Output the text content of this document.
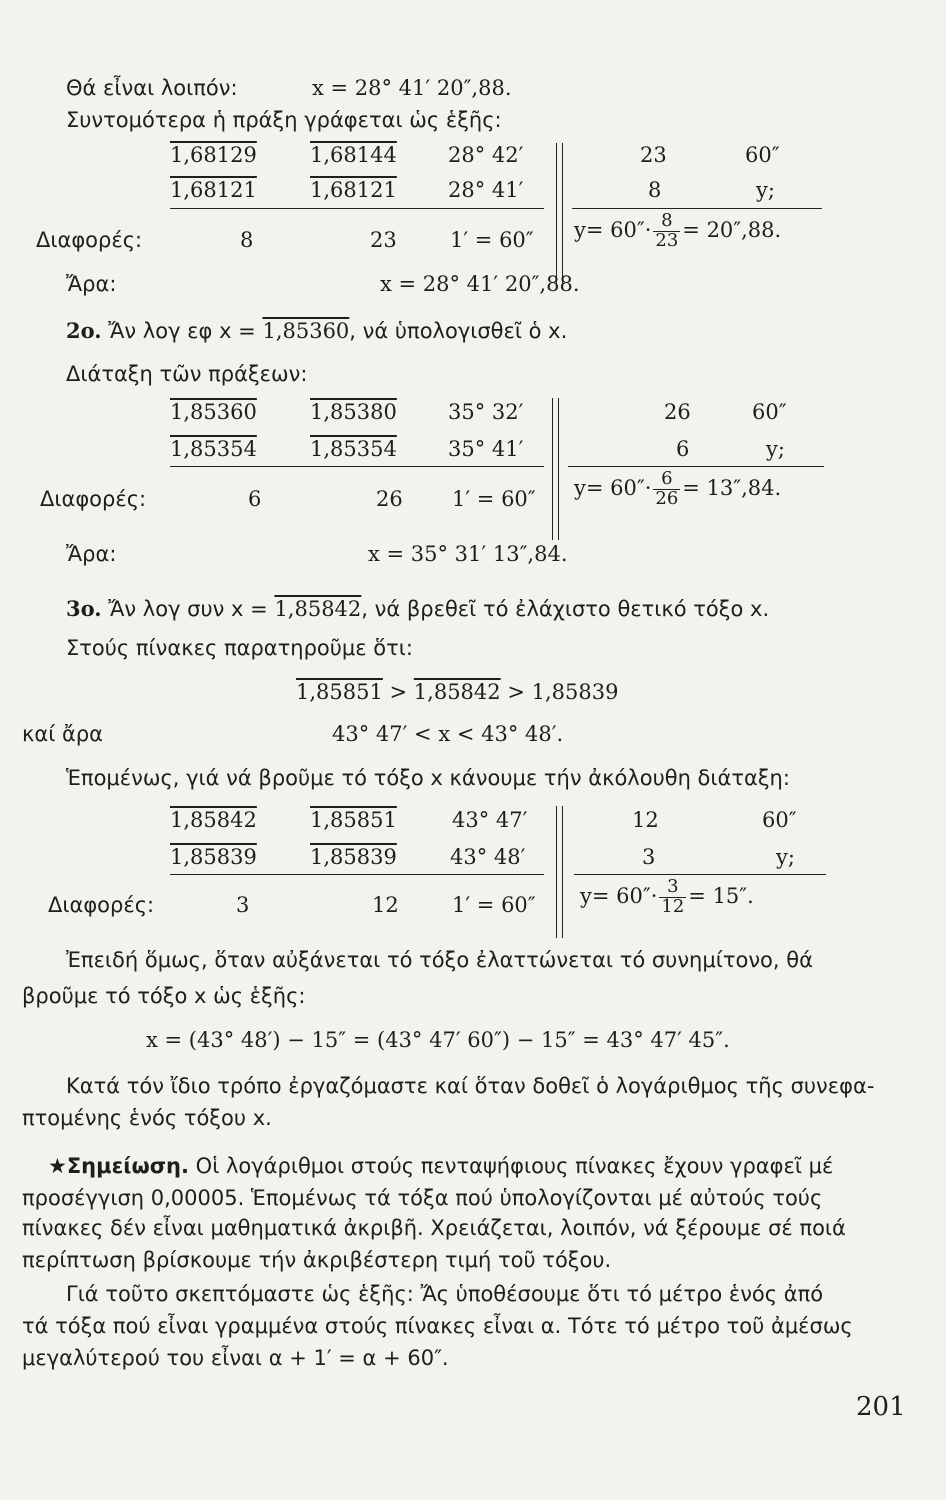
Θά εἶναι λοιπόν:	x = 28° 41′ 20″,88.
Συντομότερα ἡ πράξη γράφεται ὡς ἑξῆς:
1,68129	1,68144 28° 42′	23	60″
1,68121	1,68121 28° 41′	8	y;
Διαφορές:	8	23	1′ = 60″ $y= 60''\cdot \frac{8}{23} = 20'',88$.
Ἄρα:	x = 28° 41′ 20″,88.
2o. Ἄν λογ εφ x = 1,85360, νά ὑπολογισθεῖ ὁ x.
Διάταξη τῶν πράξεων:
1,85360	1,85380 35° 32′	26	60″
1,85354	1,85354 35° 41′	6	y;
Διαφορές:	6	26 1′ = 60″ $y= 60''\cdot \frac{6}{26} = 13'',84$.
Ἄρα:	x = 35° 31′ 13″,84.
3o. Ἄν λογ συν x = 1,85842, νά βρεθεῖ τό ἐλάχιστο θετικό τόξο x.
Στούς πίνακες παρατηροῦμε ὅτι:
1,85851 > 1,85842 > 1,85839
καί ἄρα	43° 47′ < x < 43° 48′.
Ἑπομένως, γιά νά βροῦμε τό τόξο x κάνουμε τήν ἀκόλουθη διάταξη:
1,85842	1,85851	43° 47′	12	60″
1,85839	1,85839	43° 48′	3	y;
Διαφορές:	3	12	1′ = 60″ $y= 60''\cdot \frac{3}{12} = 15''$.
Ἐπειδή ὅμως, ὅταν αὐξάνεται τό τόξο ἐλαττώνεται τό συνημίτονο, θά
βροῦμε τό τόξο x ὡς ἑξῆς:
x = (43° 48′) − 15″ = (43° 47′ 60″) − 15″ = 43° 47′ 45″.
Κατά τόν ἴδιο τρόπο ἐργαζόμαστε καί ὅταν δοθεῖ ὁ λογάριθμος τῆς συνεφα-
πτομένης ἑνός τόξου x.
★Σημείωση. Οἱ λογάριθμοι στούς πενταψήφιους πίνακες ἔχουν γραφεῖ μέ
προσέγγιση 0,00005. Ἑπομένως τά τόξα πού ὑπολογίζονται μέ αὐτούς τούς
πίνακες δέν εἶναι μαθηματικά ἀκριβῆ. Χρειάζεται, λοιπόν, νά ξέρουμε σέ ποιά
περίπτωση βρίσκουμε τήν ἀκριβέστερη τιμή τοῦ τόξου.
Γιά τοῦτο σκεπτόμαστε ὡς ἑξῆς: Ἄς ὑποθέσουμε ὅτι τό μέτρο ἑνός ἀπό
τά τόξα πού εἶναι γραμμένα στούς πίνακες εἶναι α. Τότε τό μέτρο τοῦ ἀμέσως
μεγαλύτερού του εἶναι α + 1′ = α + 60″.
201
